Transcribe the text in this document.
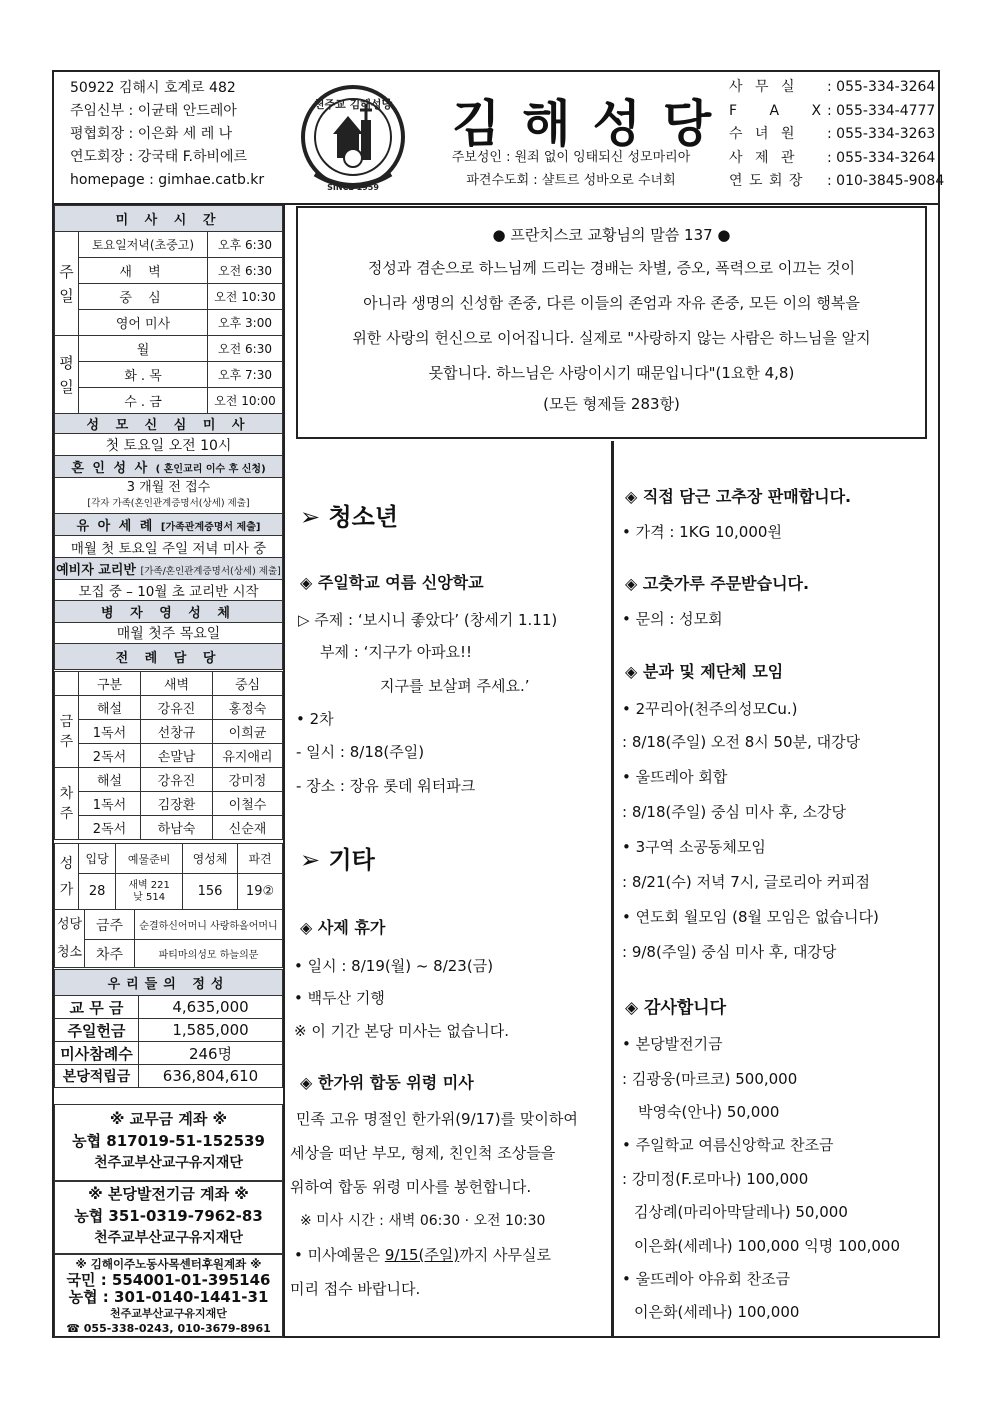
50922 김해시 호계로 482
주임신부 : 이균태 안드레아
평협회장 : 이은화 세 레 나
연도회장 : 강국태 F.하비에르
homepage : gimhae.catb.kr
천주교 김해성당
SINCE 1959
김해성당
주보성인 : 원죄 없이 잉태되신 성모마리아
파견수도회 : 샬트르 성바오로 수녀회
사 무 실	: 055-334-3264
F A X
: 055-334-4777
수 녀 원	: 055-334-3263
사 제 관	: 055-334-3264
연 도 회 장	: 010-3845-9084
미 사 시 간		
주일	토요일저녁(초중고)	오후 6:30
	새 벽	오전 6:30
	중 심	오전 10:30
	영어 미사	오후 3:00
평일	월	오전 6:30
	화 . 목	오후 7:30
	수 . 금	오전 10:00
성 모 신 심 미 사
첫 토요일 오전 10시
혼 인 성 사 ( 혼인교리 이수 후 신청)

3 개월 전 접수
[각자 가족(혼인관계증명서(상세) 제출]

유 아 세 례 [가족관계증명서 제출]
매월 첫 토요일 주일 저녁 미사 중
예비자 교리반 [가족/혼인관계증명서(상세) 제출]
모집 중 – 10월 초 교리반 시작
병 자 영 성 체
매월 첫주 목요일
전 례 담 당
	구분	새벽	중심
금주	해설	강유진	홍정숙
	1독서	선창규	이희균
	2독서	손말남	유지애리
차주	해설	강유진	강미정
	1독서	김장환	이철수
	2독서	하남숙	신순재
성가	입당	예물준비	영성체	파견
	28	새벽 221
낮 514	156	19②
성당청소	금주	순결하신어머니 사랑하올어머니
	차주	파티마의성모 하늘의문
우리들의 정성	
교 무 금	4,635,000
주일헌금	1,585,000
미사참례수	246명
본당적립금	636,804,610
※ 교무금 계좌 ※
농협 817019-51-152539
천주교부산교구유지재단
※ 본당발전기금 계좌 ※
농협 351-0319-7962-83
천주교부산교구유지재단
※ 김해이주노동사목센터후원계좌 ※
국민 : 554001-01-395146
농협 : 301-0140-1441-31
천주교부산교구유지재단
☎ 055-338-0243, 010-3679-8961
● 프란치스코 교황님의 말씀 137 ●
정성과 겸손으로 하느님께 드리는 경배는 차별, 증오, 폭력으로 이끄는 것이
아니라 생명의 신성함 존중, 다른 이들의 존엄과 자유 존중, 모든 이의 행복을
위한 사랑의 헌신으로 이어집니다. 실제로 "사랑하지 않는 사람은 하느님을 알지
못합니다. 하느님은 사랑이시기 때문입니다"(1요한 4,8)
(모든 형제들 283항)
➢ 청소년
◈ 주일학교 여름 신앙학교
▷ 주제 : ‘보시니 좋았다’ (창세기 1.11)
부제 : ‘지구가 아파요!!
지구를 보살펴 주세요.’
• 2차
- 일시 : 8/18(주일)
- 장소 : 장유 롯데 워터파크
➢ 기타
◈ 사제 휴가
• 일시 : 8/19(월) ~ 8/23(금)
• 백두산 기행
※ 이 기간 본당 미사는 없습니다.
◈ 한가위 합동 위령 미사
민족 고유 명절인 한가위(9/17)를 맞이하여
세상을 떠난 부모, 형제, 친인척 조상들을
위하여 합동 위령 미사를 봉헌합니다.
※ 미사 시간 : 새벽 06:30 · 오전 10:30
• 미사예물은 9/15(주일)까지 사무실로
미리 접수 바랍니다.
◈ 직접 담근 고추장 판매합니다.
• 가격 : 1KG 10,000원
◈ 고춧가루 주문받습니다.
• 문의 : 성모회
◈ 분과 및 제단체 모임
• 2꾸리아(천주의성모Cu.)
: 8/18(주일) 오전 8시 50분, 대강당
• 울뜨레아 회합
: 8/18(주일) 중심 미사 후, 소강당
• 3구역 소공동체모임
: 8/21(수) 저녁 7시, 글로리아 커피점
• 연도회 월모임 (8월 모임은 없습니다)
: 9/8(주일) 중심 미사 후, 대강당
◈ 감사합니다
• 본당발전기금
: 김광웅(마르코) 500,000
박영숙(안나) 50,000
• 주일학교 여름신앙학교 찬조금
: 강미정(F.로마나) 100,000
김상례(마리아막달레나) 50,000
이은화(세레나) 100,000 익명 100,000
• 울뜨레아 야유회 찬조금
이은화(세레나) 100,000
